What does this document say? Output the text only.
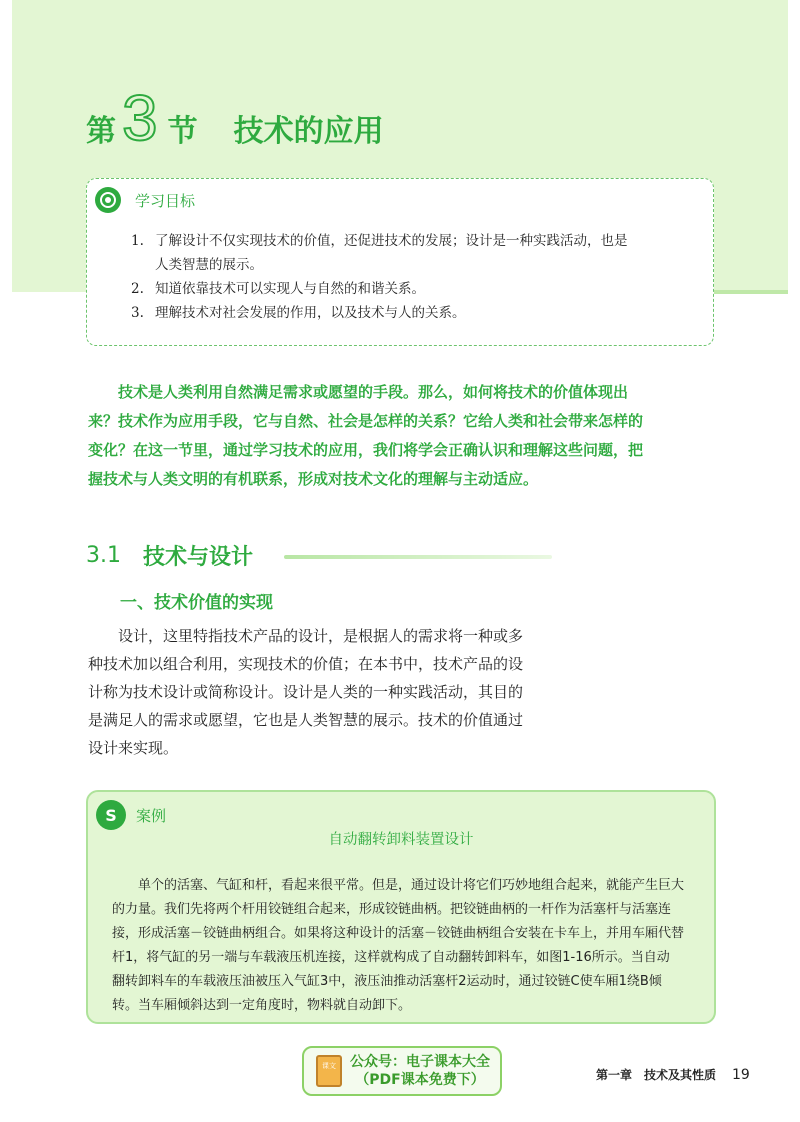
第 3 节 技术的应用
学习目标
1. 了解设计不仅实现技术的价值，还促进技术的发展；设计是一种实践活动，也是
人类智慧的展示。
2. 知道依靠技术可以实现人与自然的和谐关系。
3. 理解技术对社会发展的作用，以及技术与人的关系。
技术是人类利用自然满足需求或愿望的手段。那么，如何将技术的价值体现出
来？技术作为应用手段，它与自然、社会是怎样的关系？它给人类和社会带来怎样的
变化？在这一节里，通过学习技术的应用，我们将学会正确认识和理解这些问题，把
握技术与人类文明的有机联系，形成对技术文化的理解与主动适应。
3.1 技术与设计
一、技术价值的实现
设计，这里特指技术产品的设计，是根据人的需求将一种或多
种技术加以组合利用，实现技术的价值；在本书中，技术产品的设
计称为技术设计或简称设计。设计是人类的一种实践活动，其目的
是满足人的需求或愿望，它也是人类智慧的展示。技术的价值通过
设计来实现。
S	案例
自动翻转卸料装置设计
单个的活塞、气缸和杆，看起来很平常。但是，通过设计将它们巧妙地组合起来，就能产生巨大
的力量。我们先将两个杆用铰链组合起来，形成铰链曲柄。把铰链曲柄的一杆作为活塞杆与活塞连
接，形成活塞－铰链曲柄组合。如果将这种设计的活塞－铰链曲柄组合安装在卡车上，并用车厢代替
杆1，将气缸的另一端与车载液压机连接，这样就构成了自动翻转卸料车，如图1-16所示。当自动
翻转卸料车的车载液压油被压入气缸3中，液压油推动活塞杆2运动时，通过铰链C使车厢1绕B倾
转。当车厢倾斜达到一定角度时，物料就自动卸下。
课文 公众号：电子课本大全
（PDF课本免费下）	第一章　技术及其性质 19
